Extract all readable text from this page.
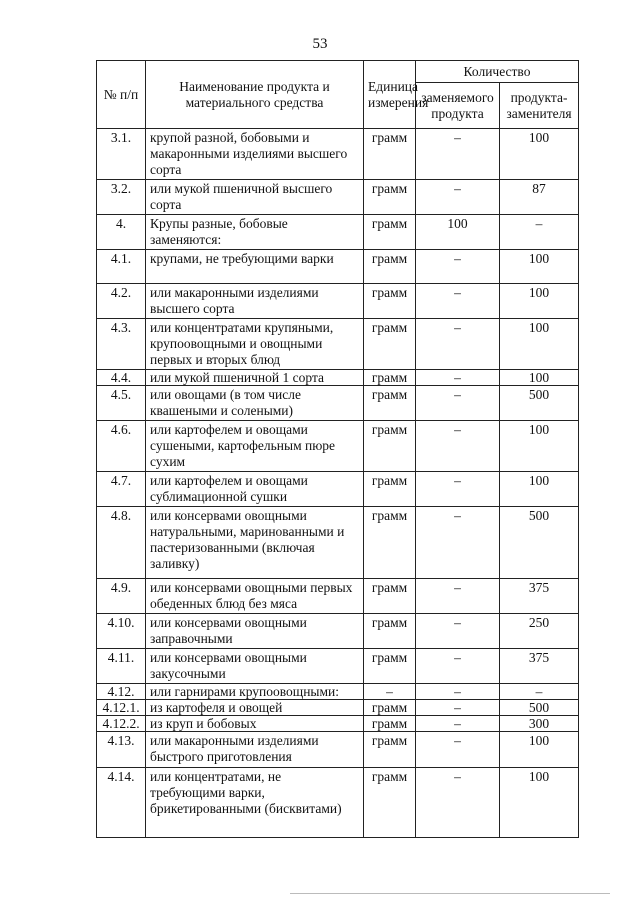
53
№ п/п	Наименование продукта и материального средства	Единица измерения	Количество	
			заменяемого продукта	продукта-заменителя
3.1.	крупой разной, бобовыми и макаронными изделиями высшего сорта	грамм	–	100
3.2.	или мукой пшеничной высшего сорта	грамм	–	87
4.	Крупы разные, бобовые заменяются:	грамм	100	–
4.1.	крупами, не требующими варки	грамм	–	100
4.2.	или макаронными изделиями высшего сорта	грамм	–	100
4.3.	или концентратами крупяными, крупоовощными и овощными первых и вторых блюд	грамм	–	100
4.4.	или мукой пшеничной 1 сорта	грамм	–	100
4.5.	или овощами (в том числе квашеными и солеными)	грамм	–	500
4.6.	или картофелем и овощами сушеными, картофельным пюре сухим	грамм	–	100
4.7.	или картофелем и овощами сублимационной сушки	грамм	–	100
4.8.	или консервами овощными натуральными, маринованными и пастеризованными (включая заливку)	грамм	–	500
4.9.	или консервами овощными первых обеденных блюд без мяса	грамм	–	375
4.10.	или консервами овощными заправочными	грамм	–	250
4.11.	или консервами овощными закусочными	грамм	–	375
4.12.	или гарнирами крупоовощными:	–	–	–
4.12.1.	из картофеля и овощей	грамм	–	500
4.12.2.	из круп и бобовых	грамм	–	300
4.13.	или макаронными изделиями быстрого приготовления	грамм	–	100
4.14.	или концентратами, не требующими варки, брикетированными (бисквитами)	грамм	–	100
